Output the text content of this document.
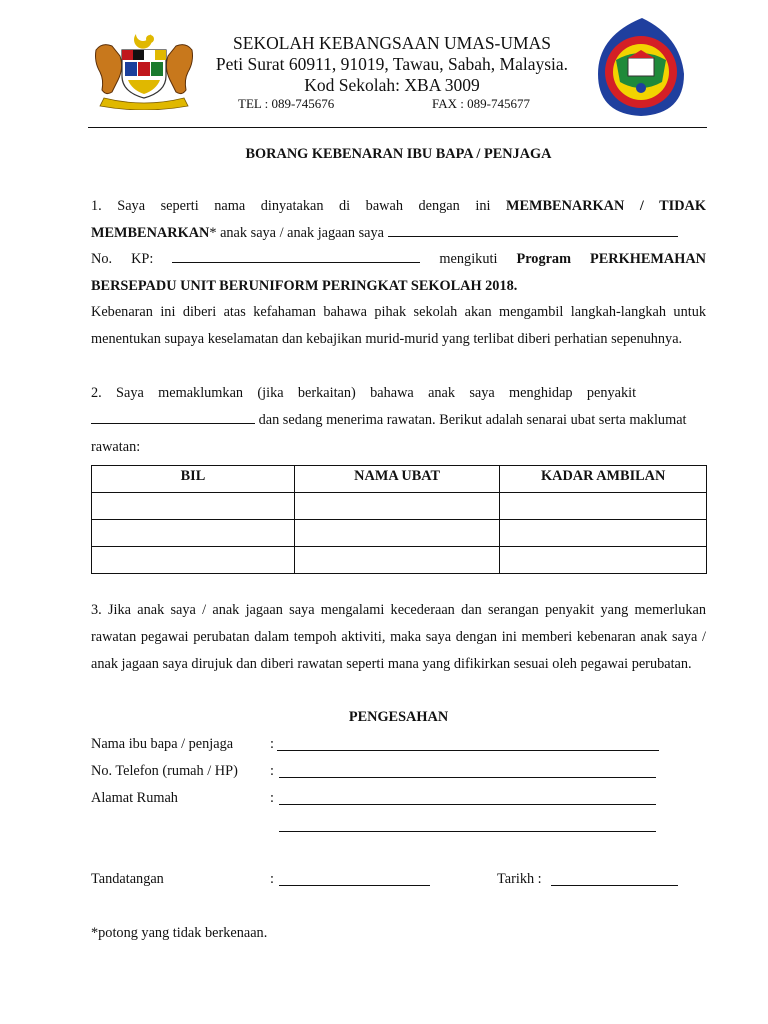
SEKOLAH KEBANGSAAN UMAS-UMAS
Peti Surat 60911, 91019, Tawau, Sabah, Malaysia.
Kod Sekolah: XBA 3009
TEL : 089-745676	FAX : 089-745677
BORANG KEBENARAN IBU BAPA / PENJAGA
1. Saya seperti nama dinyatakan di bawah dengan ini MEMBENARKAN / TIDAK
MEMBENARKAN* anak saya / anak jagaan saya
No. KP:	mengikuti Program PERKHEMAHAN
BERSEPADU UNIT BERUNIFORM PERINGKAT SEKOLAH 2018.
Kebenaran ini diberi atas kefahaman bahawa pihak sekolah akan mengambil langkah-langkah untuk menentukan supaya keselamatan dan kebajikan murid-murid yang terlibat diberi perhatian sepenuhnya.
2.    Saya    memaklumkan    (jika    berkaitan)    bahawa    anak    saya    menghidap    penyakit
dan sedang menerima rawatan. Berikut adalah senarai ubat serta maklumat
rawatan:
BIL	NAMA UBAT	KADAR AMBILAN

3. Jika anak saya / anak jagaan saya mengalami kecederaan dan serangan penyakit yang memerlukan rawatan pegawai perubatan dalam tempoh aktiviti, maka saya dengan ini memberi kebenaran anak saya / anak jagaan saya dirujuk dan diberi rawatan seperti mana yang difikirkan sesuai oleh pegawai perubatan.
PENGESAHAN
Nama ibu bapa / penjaga	:
No. Telefon (rumah / HP) :
Alamat Rumah	:
Tandatangan	:	Tarikh :
*potong yang tidak berkenaan.
